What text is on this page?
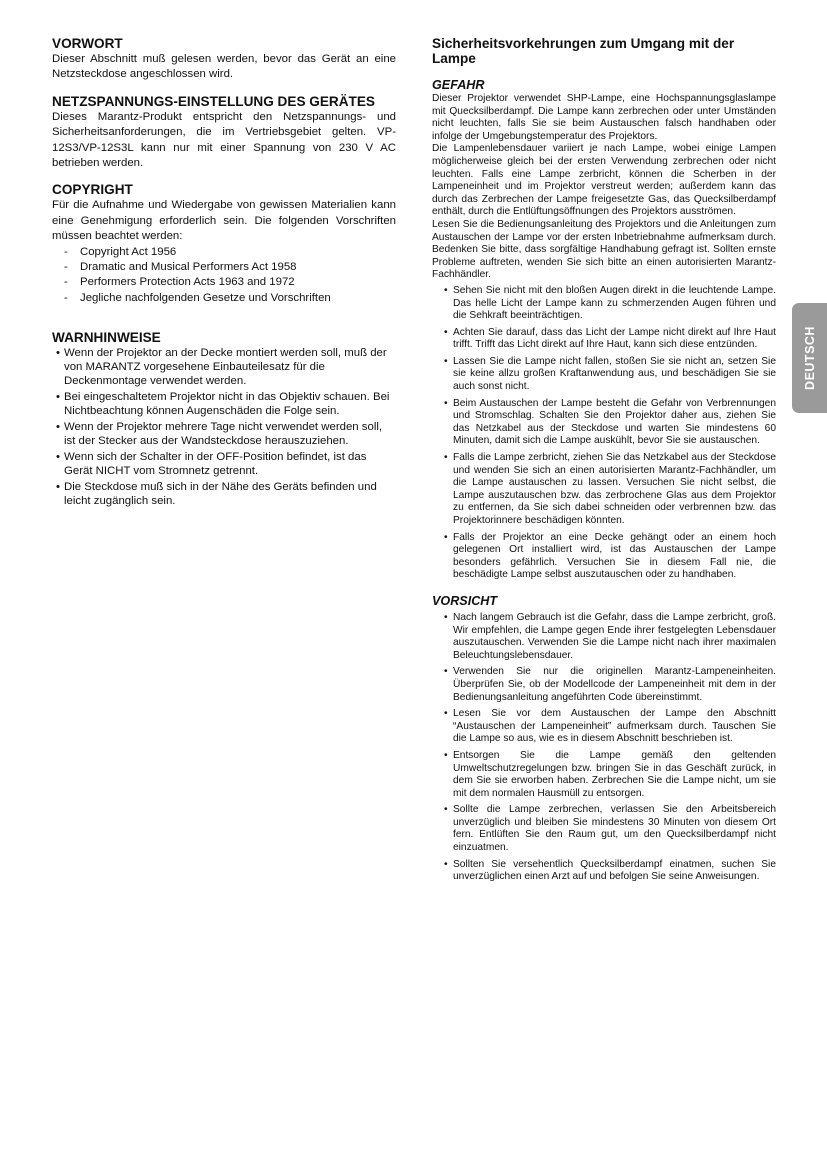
VORWORT

Dieser Abschnitt muß gelesen werden, bevor das Gerät an eine Netzsteckdose angeschlossen wird.

NETZSPANNUNGS-EINSTELLUNG DES GERÄTES

Dieses Marantz-Produkt entspricht den Netzspannungs- und Sicherheitsanforderungen, die im Vertriebsgebiet gelten. VP-12S3/VP-12S3L kann nur mit einer Spannung von 230 V AC betrieben werden.

COPYRIGHT

Für die Aufnahme und Wiedergabe von gewissen Materialien kann eine Genehmigung erforderlich sein. Die folgenden Vorschriften müssen beachtet werden:

- Copyright Act 1956
- Dramatic and Musical Performers Act 1958
- Performers Protection Acts 1963 and 1972
- Jegliche nachfolgenden Gesetze und Vorschriften
WARNHINWEISE
• Wenn der Projektor an der Decke montiert werden soll, muß der von MARANTZ vorgesehene Einbauteilesatz für die Deckenmontage verwendet werden.
• Bei eingeschaltetem Projektor nicht in das Objektiv schauen. Bei Nichtbeachtung können Augenschäden die Folge sein.
• Wenn der Projektor mehrere Tage nicht verwendet werden soll, ist der Stecker aus der Wandsteckdose herauszuziehen.
• Wenn sich der Schalter in der OFF-Position befindet, ist das Gerät NICHT vom Stromnetz getrennt.
• Die Steckdose muß sich in der Nähe des Geräts befinden und leicht zugänglich sein.
Sicherheitsvorkehrungen zum Umgang mit der Lampe
GEFAHR

Dieser Projektor verwendet SHP-Lampe, eine Hochspannungsglaslampe mit Quecksilberdampf. Die Lampe kann zerbrechen oder unter Umständen nicht leuchten, falls Sie sie beim Austauschen falsch handhaben oder infolge der Umgebungstemperatur des Projektors.

Die Lampenlebensdauer variiert je nach Lampe, wobei einige Lampen möglicherweise gleich bei der ersten Verwendung zerbrechen oder nicht leuchten. Falls eine Lampe zerbricht, können die Scherben in der Lampeneinheit und im Projektor verstreut werden; außerdem kann das durch das Zerbrechen der Lampe freigesetzte Gas, das Quecksilberdampf enthält, durch die Entlüftungsöffnungen des Projektors ausströmen.

Lesen Sie die Bedienungsanleitung des Projektors und die Anleitungen zum Austauschen der Lampe vor der ersten Inbetriebnahme aufmerksam durch. Bedenken Sie bitte, dass sorgfältige Handhabung gefragt ist. Sollten ernste Probleme auftreten, wenden Sie sich bitte an einen autorisierten Marantz-Fachhändler.

• Sehen Sie nicht mit den bloßen Augen direkt in die leuchtende Lampe. Das helle Licht der Lampe kann zu schmerzenden Augen führen und die Sehkraft beeinträchtigen.
• Achten Sie darauf, dass das Licht der Lampe nicht direkt auf Ihre Haut trifft. Trifft das Licht direkt auf Ihre Haut, kann sich diese entzünden.
• Lassen Sie die Lampe nicht fallen, stoßen Sie sie nicht an, setzen Sie sie keine allzu großen Kraftanwendung aus, und beschädigen Sie sie auch sonst nicht.
• Beim Austauschen der Lampe besteht die Gefahr von Verbrennungen und Stromschlag. Schalten Sie den Projektor daher aus, ziehen Sie das Netzkabel aus der Steckdose und warten Sie mindestens 60 Minuten, damit sich die Lampe auskühlt, bevor Sie sie austauschen.
• Falls die Lampe zerbricht, ziehen Sie das Netzkabel aus der Steckdose und wenden Sie sich an einen autorisierten Marantz-Fachhändler, um die Lampe austauschen zu lassen. Versuchen Sie nicht selbst, die Lampe auszutauschen bzw. das zerbrochene Glas aus dem Projektor zu entfernen, da Sie sich dabei schneiden oder verbrennen bzw. das Projektorinnere beschädigen könnten.
• Falls der Projektor an eine Decke gehängt oder an einem hoch gelegenen Ort installiert wird, ist das Austauschen der Lampe besonders gefährlich. Versuchen Sie in diesem Fall nie, die beschädigte Lampe selbst auszutauschen oder zu handhaben.
VORSICHT
• Nach langem Gebrauch ist die Gefahr, dass die Lampe zerbricht, groß. Wir empfehlen, die Lampe gegen Ende ihrer festgelegten Lebensdauer auszutauschen. Verwenden Sie die Lampe nicht nach ihrer maximalen Beleuchtungslebensdauer.
• Verwenden Sie nur die originellen Marantz-Lampeneinheiten. Überprüfen Sie, ob der Modellcode der Lampeneinheit mit dem in der Bedienungsanleitung angeführten Code übereinstimmt.
• Lesen Sie vor dem Austauschen der Lampe den Abschnitt “Austauschen der Lampeneinheit” aufmerksam durch. Tauschen Sie die Lampe so aus, wie es in diesem Abschnitt beschrieben ist.
• Entsorgen Sie die Lampe gemäß den geltenden Umweltschutzregelungen bzw. bringen Sie in das Geschäft zurück, in dem Sie sie erworben haben. Zerbrechen Sie die Lampe nicht, um sie mit dem normalen Hausmüll zu entsorgen.
• Sollte die Lampe zerbrechen, verlassen Sie den Arbeitsbereich unverzüglich und bleiben Sie mindestens 30 Minuten von diesem Ort fern. Entlüften Sie den Raum gut, um den Quecksilberdampf nicht einzuatmen.
• Sollten Sie versehentlich Quecksilberdampf einatmen, suchen Sie unverzüglichen einen Arzt auf und befolgen Sie seine Anweisungen.
DEUTSCH
